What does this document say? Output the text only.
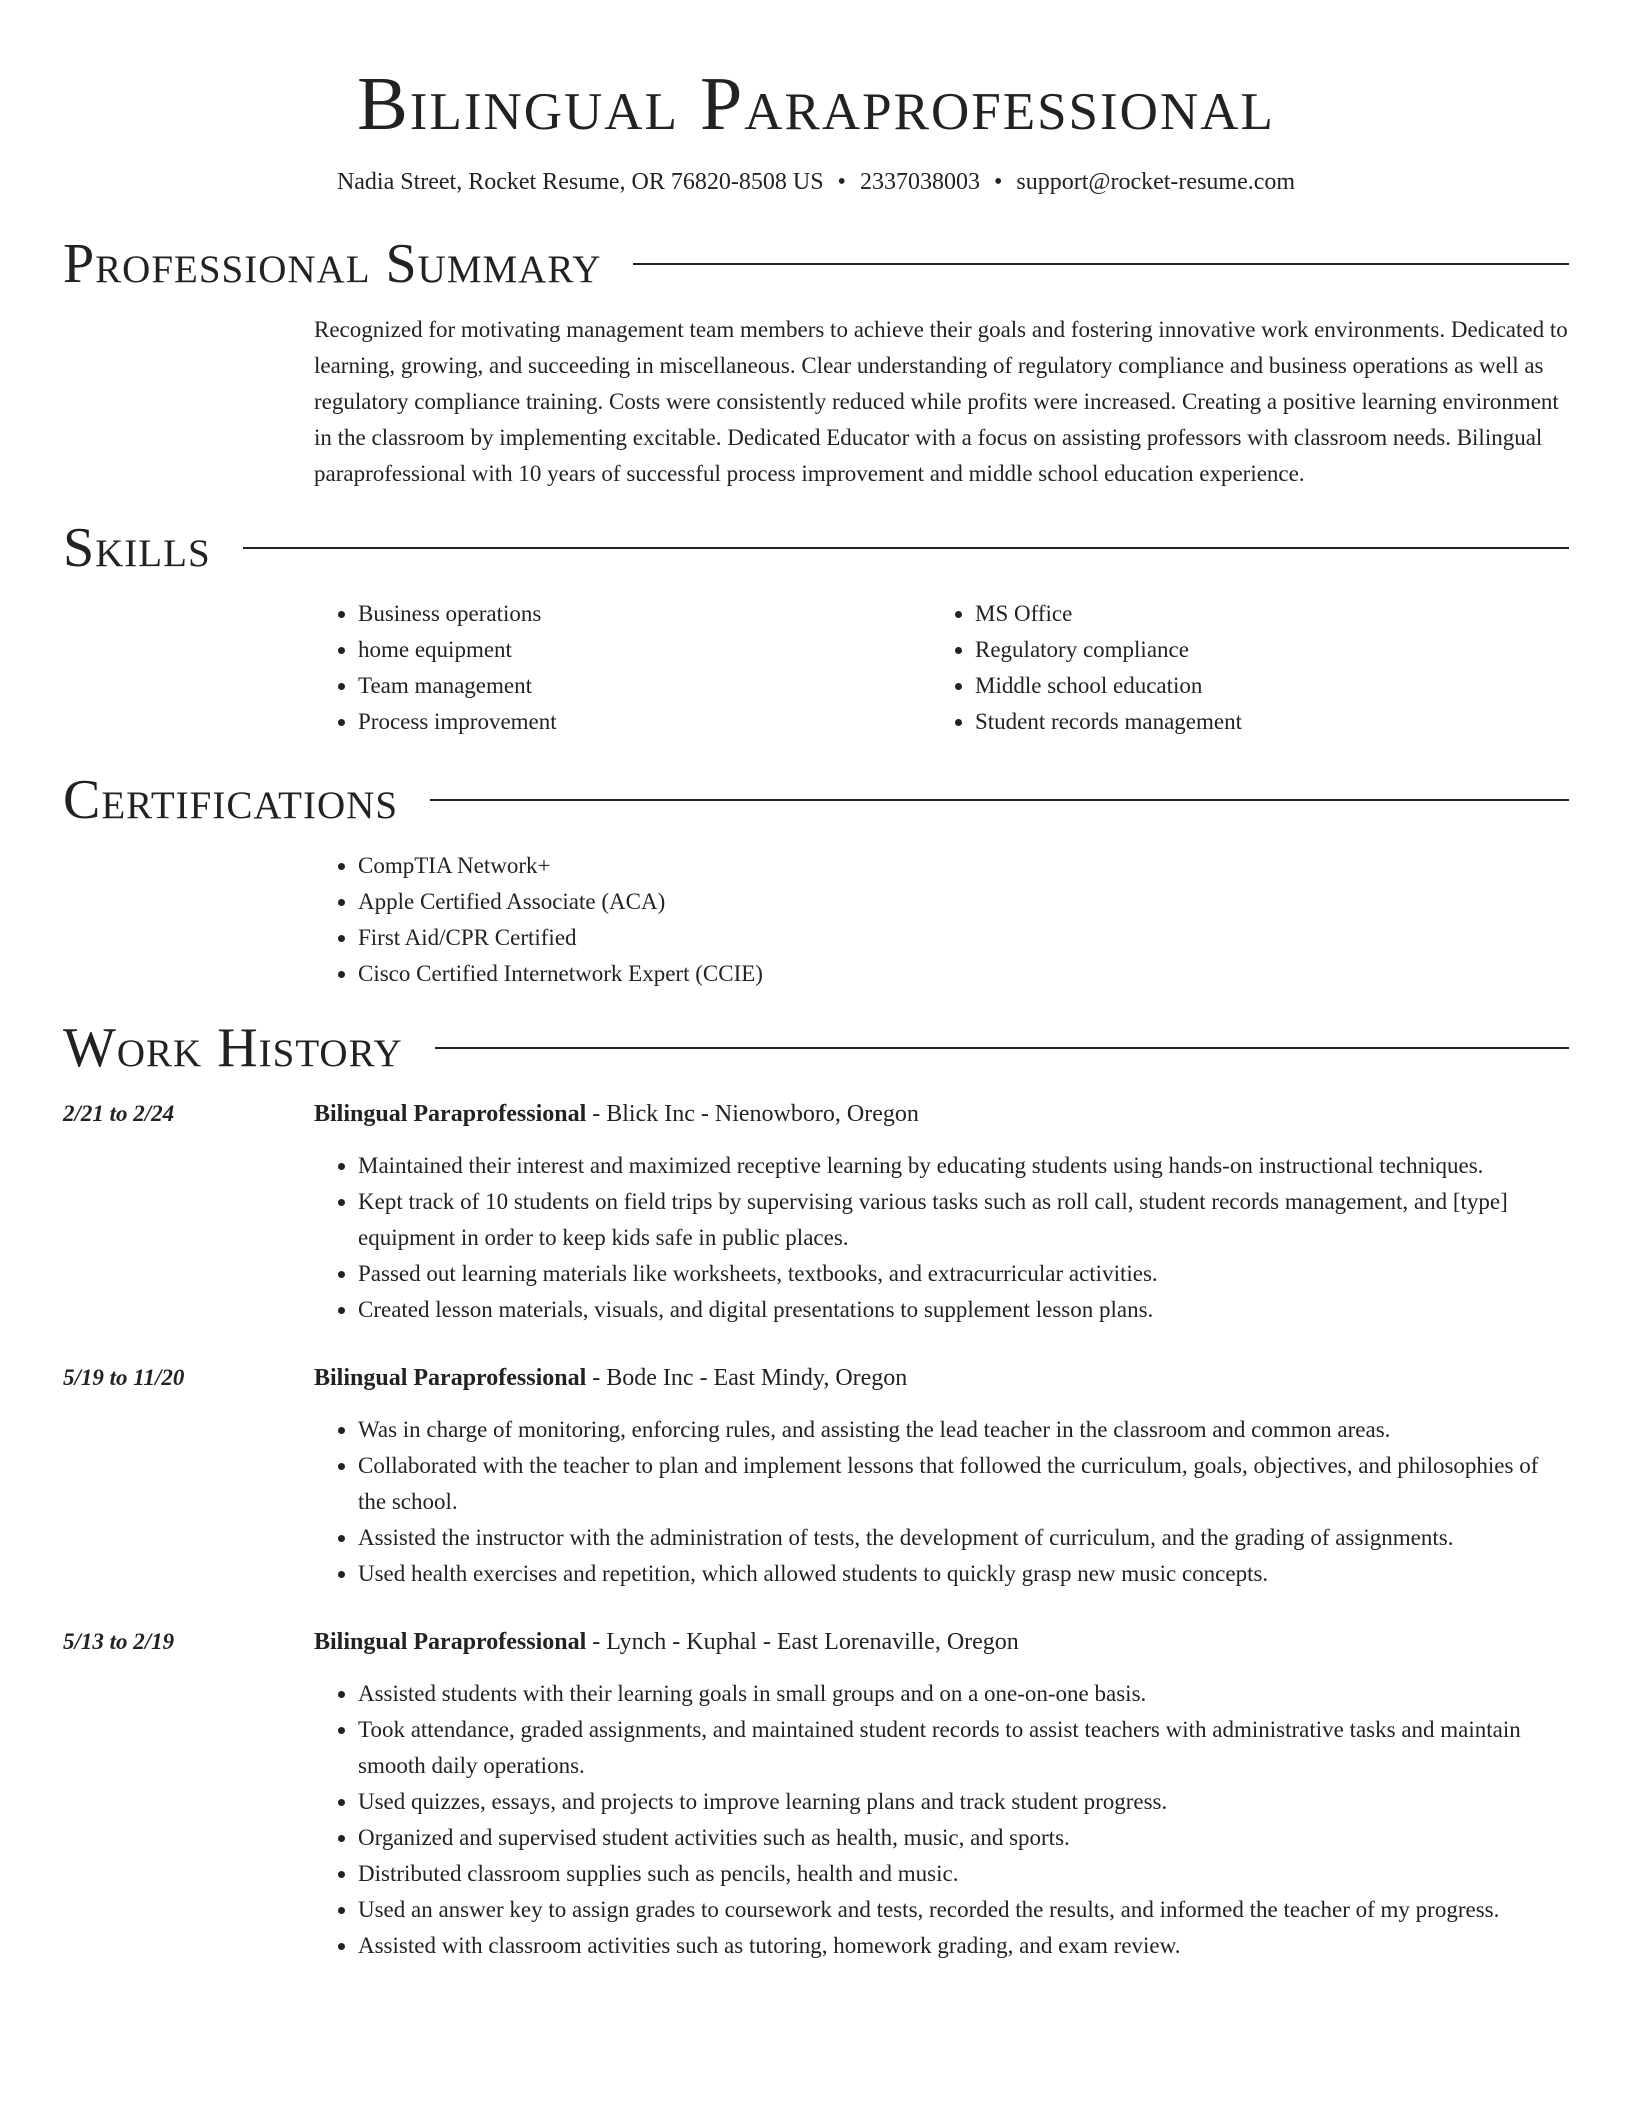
Bilingual Paraprofessional
Nadia Street, Rocket Resume, OR 76820-8508 US • 2337038003 • support@rocket-resume.com
Professional Summary
Recognized for motivating management team members to achieve their goals and fostering innovative work environments. Dedicated to learning, growing, and succeeding in miscellaneous. Clear understanding of regulatory compliance and business operations as well as regulatory compliance training. Costs were consistently reduced while profits were increased. Creating a positive learning environment in the classroom by implementing excitable. Dedicated Educator with a focus on assisting professors with classroom needs. Bilingual paraprofessional with 10 years of successful process improvement and middle school education experience.
Skills
• Business operations
• home equipment
• Team management
• Process improvement
• MS Office
• Regulatory compliance
• Middle school education
• Student records management
Certifications
• CompTIA Network+
• Apple Certified Associate (ACA)
• First Aid/CPR Certified
• Cisco Certified Internetwork Expert (CCIE)
Work History
2/21 to 2/24	Bilingual Paraprofessional - Blick Inc - Nienowboro, Oregon
• Maintained their interest and maximized receptive learning by educating students using hands-on instructional techniques.
• Kept track of 10 students on field trips by supervising various tasks such as roll call, student records management, and [type] equipment in order to keep kids safe in public places.
• Passed out learning materials like worksheets, textbooks, and extracurricular activities.
• Created lesson materials, visuals, and digital presentations to supplement lesson plans.
5/19 to 11/20	Bilingual Paraprofessional - Bode Inc - East Mindy, Oregon
• Was in charge of monitoring, enforcing rules, and assisting the lead teacher in the classroom and common areas.
• Collaborated with the teacher to plan and implement lessons that followed the curriculum, goals, objectives, and philosophies of the school.
• Assisted the instructor with the administration of tests, the development of curriculum, and the grading of assignments.
• Used health exercises and repetition, which allowed students to quickly grasp new music concepts.
5/13 to 2/19	Bilingual Paraprofessional - Lynch - Kuphal - East Lorenaville, Oregon
• Assisted students with their learning goals in small groups and on a one-on-one basis.
• Took attendance, graded assignments, and maintained student records to assist teachers with administrative tasks and maintain smooth daily operations.
• Used quizzes, essays, and projects to improve learning plans and track student progress.
• Organized and supervised student activities such as health, music, and sports.
• Distributed classroom supplies such as pencils, health and music.
• Used an answer key to assign grades to coursework and tests, recorded the results, and informed the teacher of my progress.
• Assisted with classroom activities such as tutoring, homework grading, and exam review.
